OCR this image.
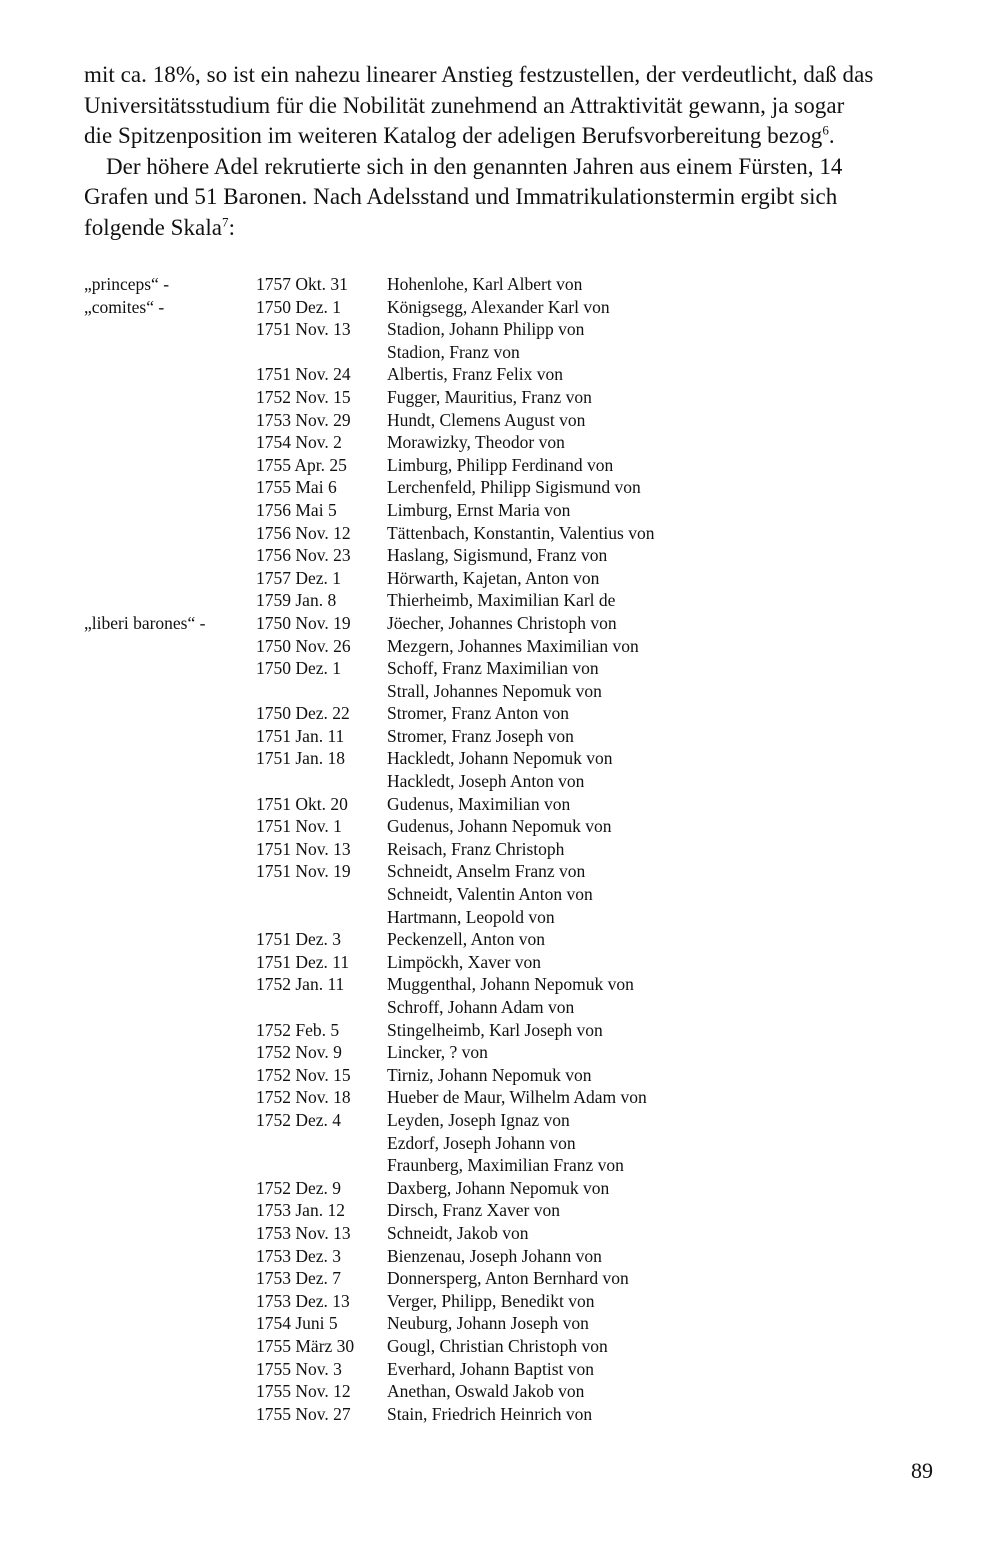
mit ca. 18%, so ist ein nahezu linearer Anstieg festzustellen, der verdeutlicht, daß das
Universitätsstudium für die Nobilität zunehmend an Attraktivität gewann, ja sogar
die Spitzenposition im weiteren Katalog der adeligen Berufsvorbereitung bezog$^6$.
Der höhere Adel rekrutierte sich in den genannten Jahren aus einem Fürsten, 14
Grafen und 51 Baronen. Nach Adelsstand und Immatrikulationstermin ergibt sich
folgende Skala$^7$:
„princeps“ -	1757 Okt. 31 Hohenlohe, Karl Albert von
„comites“ -	1750 Dez. 1	Königsegg, Alexander Karl von
1751 Nov. 13 Stadion, Johann Philipp von
Stadion, Franz von
1751 Nov. 24 Albertis, Franz Felix von
1752 Nov. 15 Fugger, Mauritius, Franz von
1753 Nov. 29 Hundt, Clemens August von
1754 Nov. 2	Morawizky, Theodor von
1755 Apr. 25 Limburg, Philipp Ferdinand von
1755 Mai 6	Lerchenfeld, Philipp Sigismund von
1756 Mai 5	Limburg, Ernst Maria von
1756 Nov. 12 Tättenbach, Konstantin, Valentius von
1756 Nov. 23 Haslang, Sigismund, Franz von
1757 Dez. 1	Hörwarth, Kajetan, Anton von
1759 Jan. 8	Thierheimb, Maximilian Karl de
„liberi barones“ -	1750 Nov. 19 Jöecher, Johannes Christoph von
1750 Nov. 26 Mezgern, Johannes Maximilian von
1750 Dez. 1	Schoff, Franz Maximilian von
Strall, Johannes Nepomuk von
1750 Dez. 22 Stromer, Franz Anton von
1751 Jan. 11 Stromer, Franz Joseph von
1751 Jan. 18 Hackledt, Johann Nepomuk von
Hackledt, Joseph Anton von
1751 Okt. 20 Gudenus, Maximilian von
1751 Nov. 1	Gudenus, Johann Nepomuk von
1751 Nov. 13 Reisach, Franz Christoph
1751 Nov. 19 Schneidt, Anselm Franz von
Schneidt, Valentin Anton von
Hartmann, Leopold von
1751 Dez. 3	Peckenzell, Anton von
1751 Dez. 11 Limpöckh, Xaver von
1752 Jan. 11 Muggenthal, Johann Nepomuk von
Schroff, Johann Adam von
1752 Feb. 5	Stingelheimb, Karl Joseph von
1752 Nov. 9	Lincker, ? von
1752 Nov. 15 Tirniz, Johann Nepomuk von
1752 Nov. 18 Hueber de Maur, Wilhelm Adam von
1752 Dez. 4	Leyden, Joseph Ignaz von
Ezdorf, Joseph Johann von
Fraunberg, Maximilian Franz von
1752 Dez. 9	Daxberg, Johann Nepomuk von
1753 Jan. 12 Dirsch, Franz Xaver von
1753 Nov. 13 Schneidt, Jakob von
1753 Dez. 3	Bienzenau, Joseph Johann von
1753 Dez. 7	Donnersperg, Anton Bernhard von
1753 Dez. 13 Verger, Philipp, Benedikt von
1754 Juni 5	Neuburg, Johann Joseph von
1755 März 30 Gougl, Christian Christoph von
1755 Nov. 3	Everhard, Johann Baptist von
1755 Nov. 12 Anethan, Oswald Jakob von
1755 Nov. 27 Stain, Friedrich Heinrich von
89
